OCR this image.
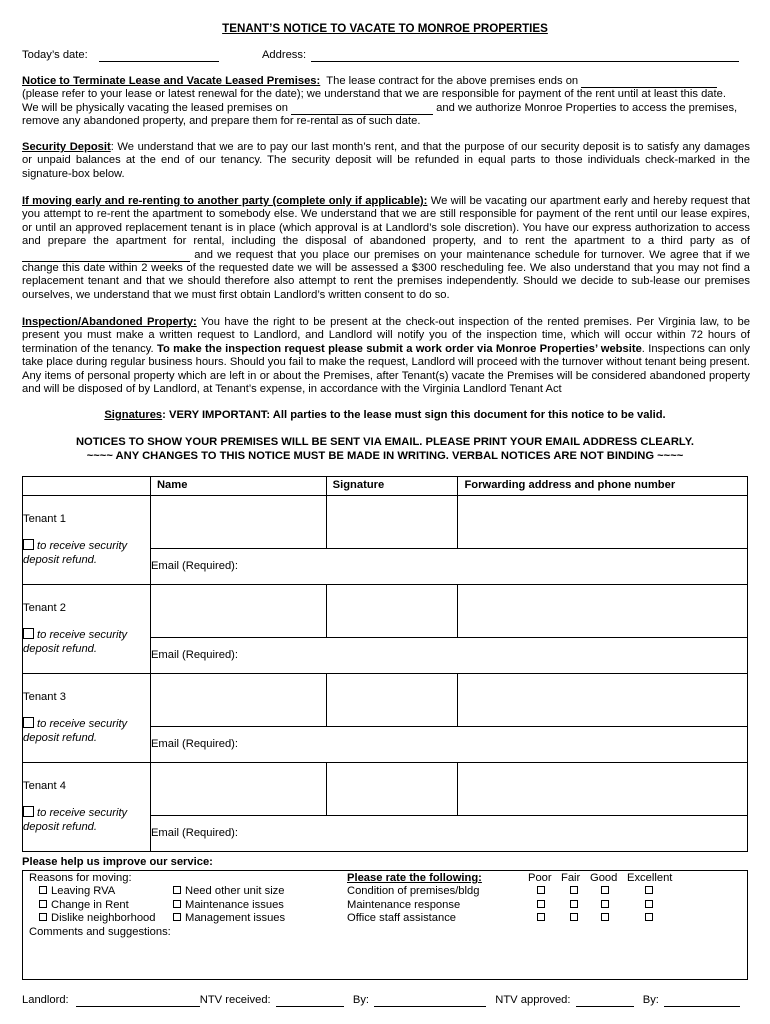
TENANT’S NOTICE TO VACATE TO MONROE PROPERTIES
Today’s date:	Address:
Notice to Terminate Lease and Vacate Leased Premises: The lease contract for the above premises ends on
(please refer to your lease or latest renewal for the date); we understand that we are responsible for payment of the rent until at least this date.
We will be physically vacating the leased premises on	and we authorize Monroe Properties to access the premises,
remove any abandoned property, and prepare them for re-rental as of such date.
Security Deposit: We understand that we are to pay our last month’s rent, and that the purpose of our security deposit is to satisfy any damages or unpaid balances at the end of our tenancy. The security deposit will be refunded in equal parts to those individuals check-marked in the signature-box below.
If moving early and re-renting to another party (complete only if applicable): We will be vacating our apartment early and hereby request that you attempt to re-rent the apartment to somebody else. We understand that we are still responsible for payment of the rent until our lease expires, or until an approved replacement tenant is in place (which approval is at Landlord’s sole discretion). You have our express authorization to access and prepare the apartment for rental, including the disposal of abandoned property, and to rent the apartment to a third party as of  and we request that you place our premises on your maintenance schedule for turnover. We agree that if we change this date within 2 weeks of the requested date we will be assessed a $300 rescheduling fee. We also understand that you may not find a replacement tenant and that we should therefore also attempt to rent the premises independently. Should we decide to sub-lease our premises ourselves, we understand that we must first obtain Landlord’s written consent to do so.
Inspection/Abandoned Property: You have the right to be present at the check-out inspection of the rented premises. Per Virginia law, to be present you must make a written request to Landlord, and Landlord will notify you of the inspection time, which will occur within 72 hours of termination of the tenancy. To make the inspection request please submit a work order via Monroe Properties’ website. Inspections can only take place during regular business hours. Should you fail to make the request, Landlord will proceed with the turnover without tenant being present. Any items of personal property which are left in or about the Premises, after Tenant(s) vacate the Premises will be considered abandoned property and will be disposed of by Landlord, at Tenant’s expense, in accordance with the Virginia Landlord Tenant Act
Signatures: VERY IMPORTANT: All parties to the lease must sign this document for this notice to be valid.
NOTICES TO SHOW YOUR PREMISES WILL BE SENT VIA EMAIL. PLEASE PRINT YOUR EMAIL ADDRESS CLEARLY.
~~~~ ANY CHANGES TO THIS NOTICE MUST BE MADE IN WRITING. VERBAL NOTICES ARE NOT BINDING ~~~~
	Name	Signature	Forwarding address and phone number

Tenant 1
to receive security deposit refund.			

	Email (Required):		

Tenant 2
to receive security deposit refund.			

	Email (Required):		

Tenant 3
to receive security deposit refund.			

	Email (Required):		

Tenant 4
to receive security deposit refund.			

	Email (Required):		
Please help us improve our service:
Reasons for moving:
Leaving RVA
Change in Rent
Dislike neighborhood
Need other unit size
Maintenance issues
Management issues
Please rate the following:	Poor Fair Good Excellent
Condition of premises/bldg
Maintenance response
Office staff assistance
Comments and suggestions:
Landlord:	NTV received:	By:	NTV approved:	By:
